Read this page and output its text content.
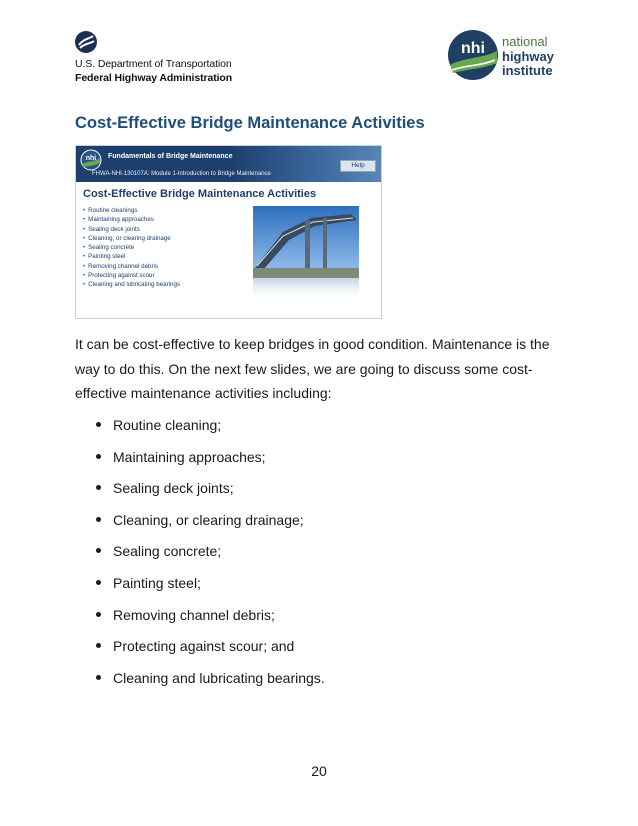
U.S. Department of Transportation
Federal Highway Administration
nhi national
highway
institute
Cost-Effective Bridge Maintenance Activities
nhi Fundamentals of Bridge Maintenance
Help
FHWA-NHI-130107A: Module 1-Introduction to Bridge Maintenance
Cost-Effective Bridge Maintenance Activities
• Routine cleanings
• Maintaining approaches
• Sealing deck joints
• Cleaning, or clearing drainage
• Sealing concrete
• Painting steel
• Removing channel debris
• Protecting against scour
• Cleaning and lubricating bearings

It can be cost-effective to keep bridges in good condition. Maintenance is the way to do this. On the next few slides, we are going to discuss some cost-effective maintenance activities including:

Routine cleaning;
Maintaining approaches;
Sealing deck joints;
Cleaning, or clearing drainage;
Sealing concrete;
Painting steel;
Removing channel debris;
Protecting against scour; and
Cleaning and lubricating bearings.
20
